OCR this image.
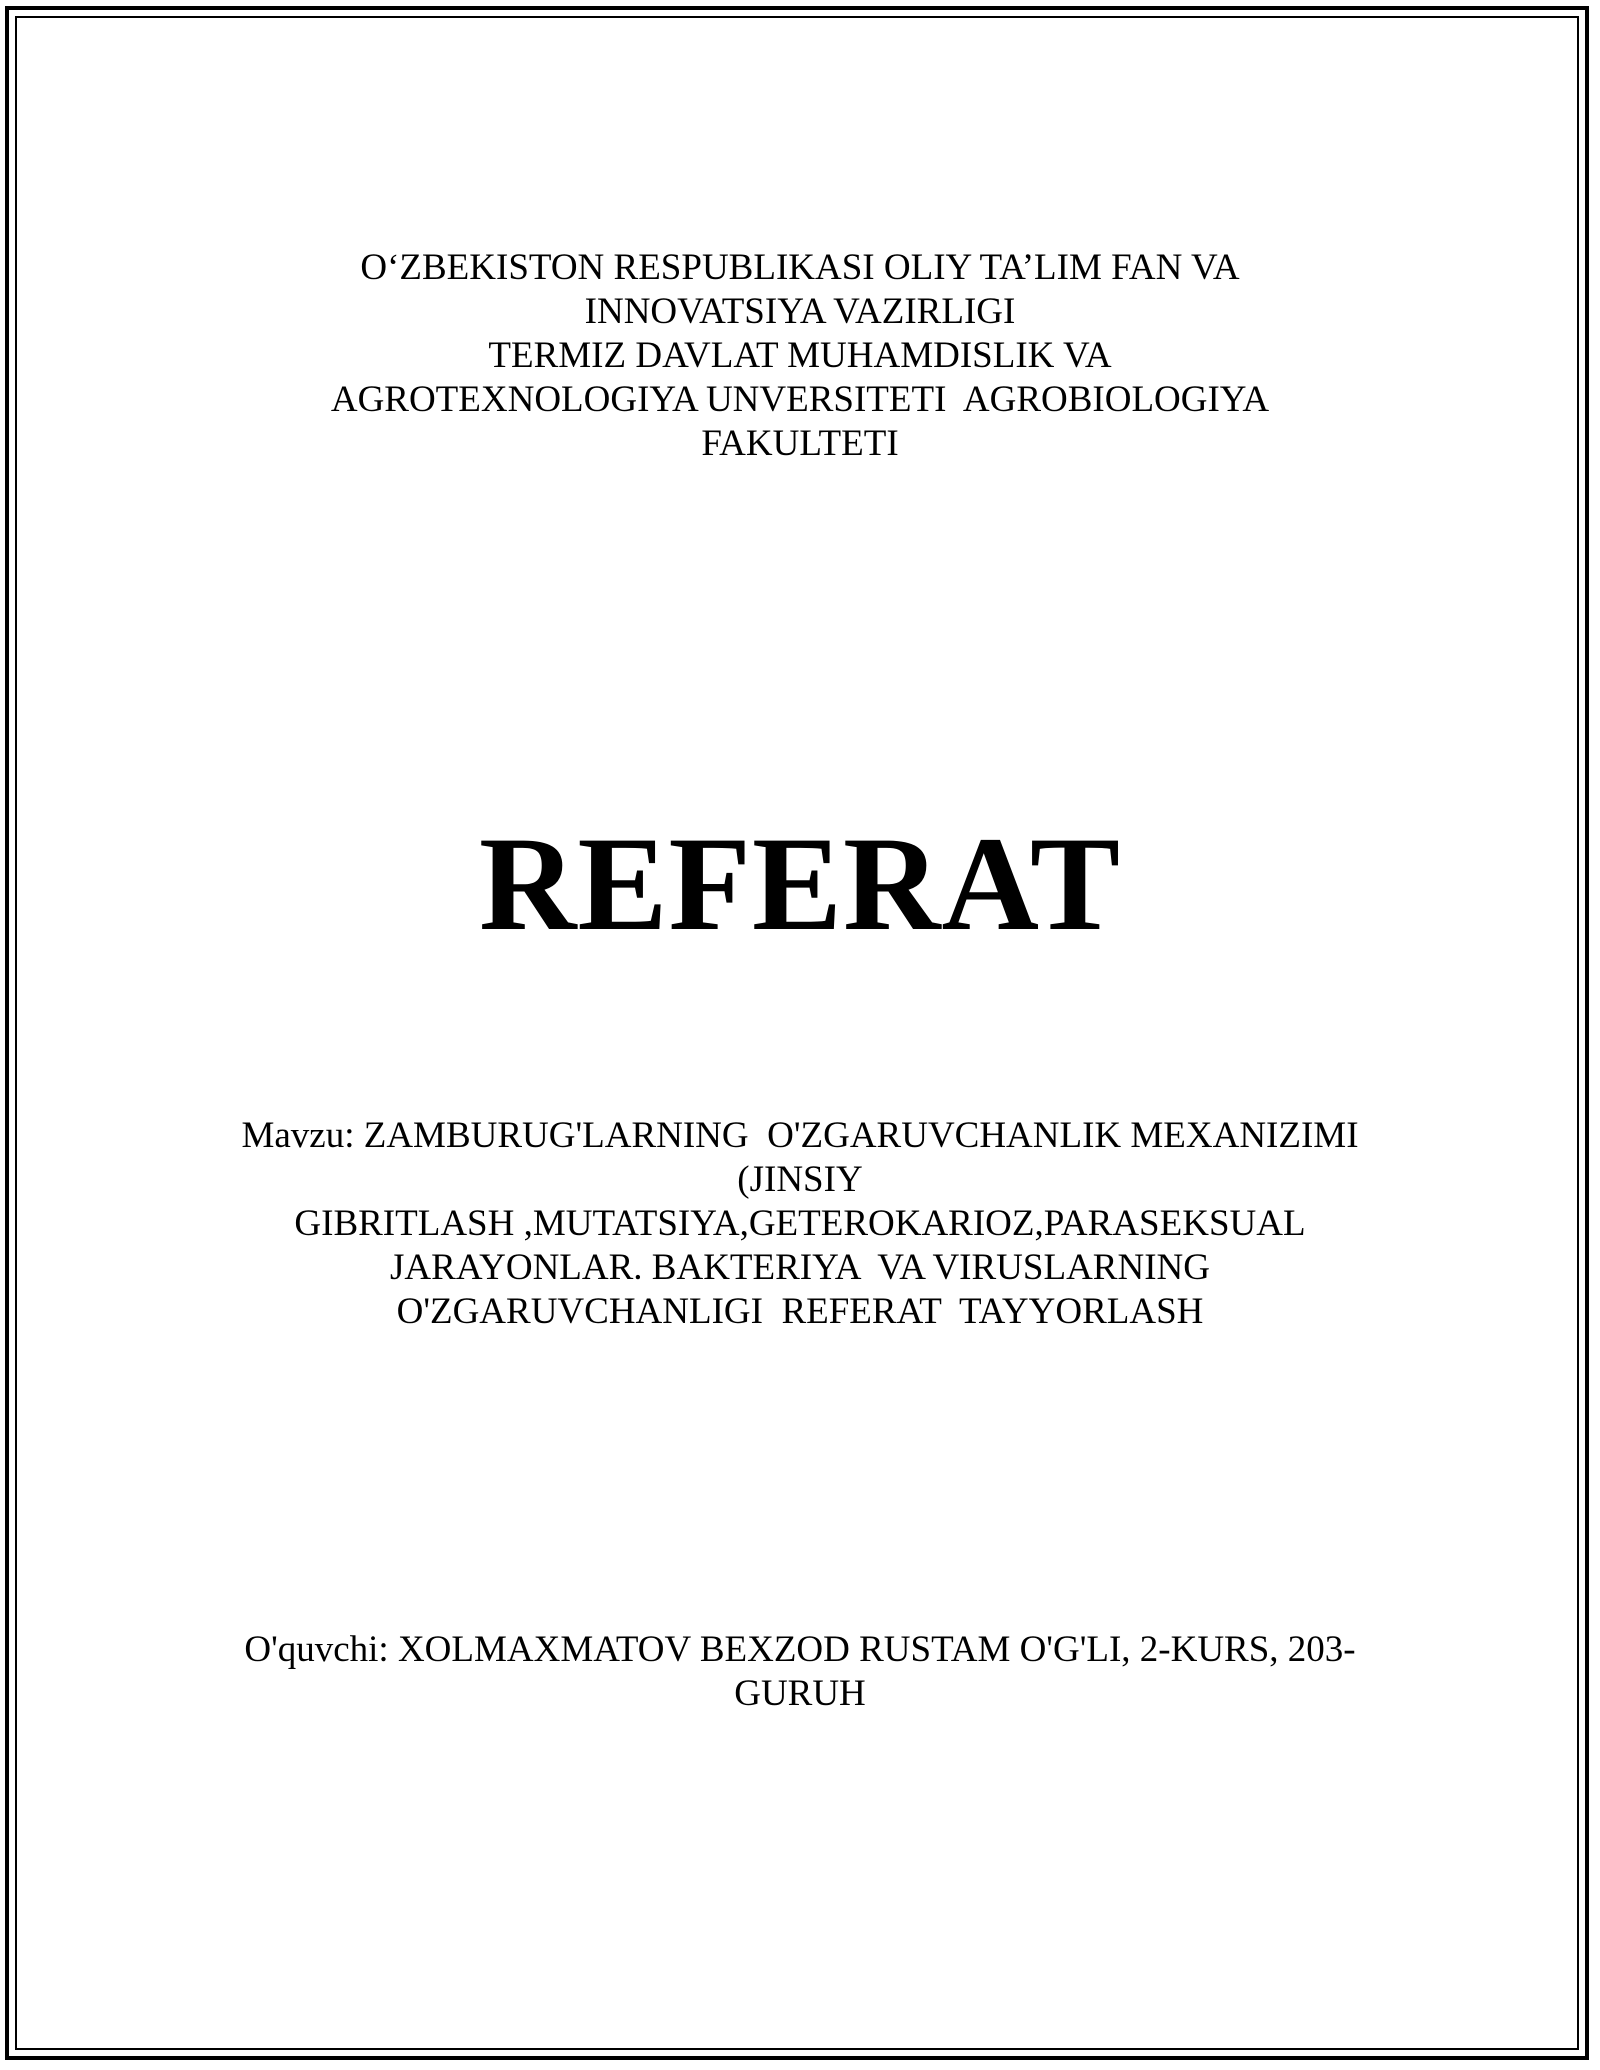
O‘ZBEKISTON RESPUBLIKASI OLIY TA’LIM FAN VA
INNOVATSIYA VAZIRLIGI
TERMIZ DAVLAT MUHAMDISLIK VA
AGROTEXNOLOGIYA UNVERSITETI  AGROBIOLOGIYA
FAKULTETI
REFERAT
Mavzu: ZAMBURUG'LARNING  O'ZGARUVCHANLIK MEXANIZIMI
(JINSIY
GIBRITLASH ,MUTATSIYA,GETEROKARIOZ,PARASEKSUAL
JARAYONLAR. BAKTERIYA  VA VIRUSLARNING
O'ZGARUVCHANLIGI  REFERAT  TAYYORLASH
O'quvchi: XOLMAXMATOV BEXZOD RUSTAM O'G'LI, 2-KURS, 203-
GURUH
